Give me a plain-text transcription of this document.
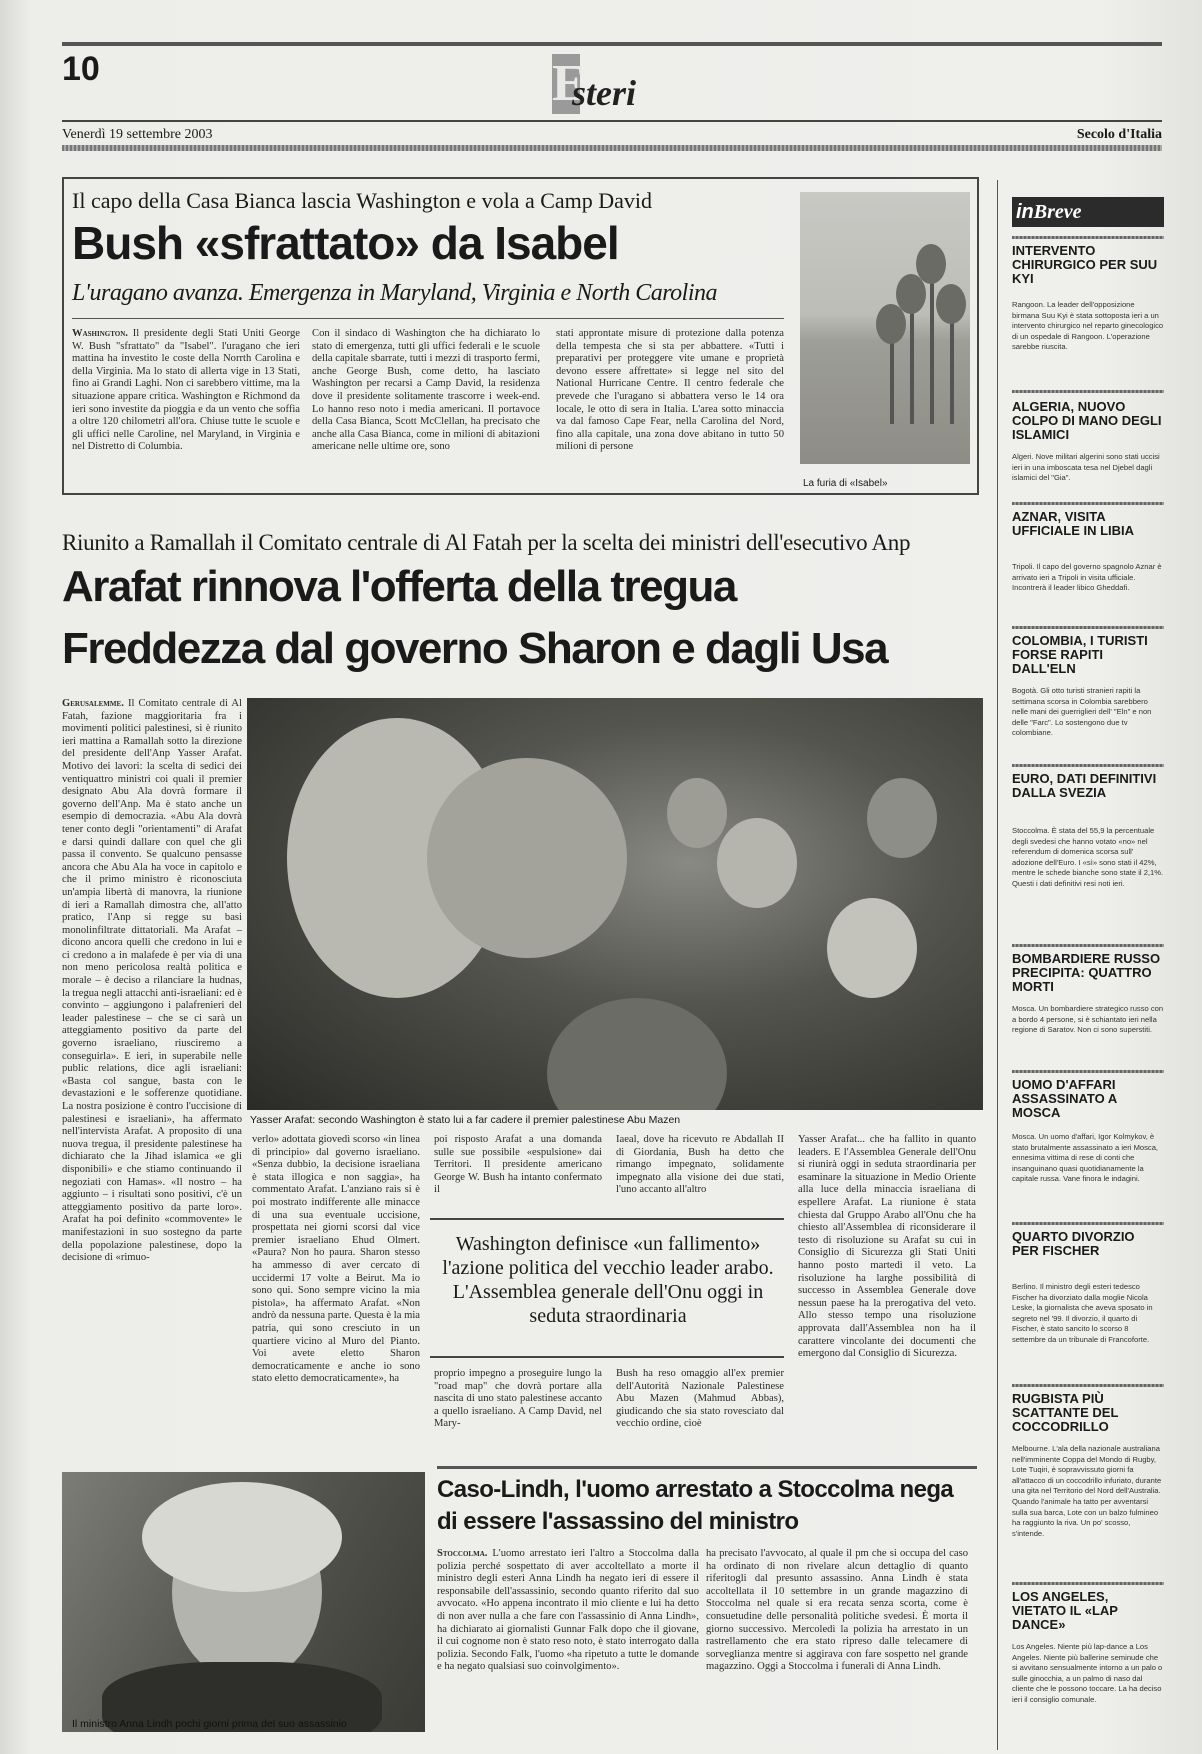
10	E
steri
Venerdì 19 settembre 2003	Secolo d'Italia
Il capo della Casa Bianca lascia Washington e vola a Camp David
Bush «sfrattato» da Isabel
L'uragano avanza. Emergenza in Maryland, Virginia e North Carolina
Washington. Il presidente degli Stati Uniti George W. Bush "sfrattato" da "Isabel". l'uragano che ieri mattina ha investito le coste della Norrth Carolina e della Virginia. Ma lo stato di allerta vige in 13 Stati, fino ai Grandi Laghi. Non ci sarebbero vittime, ma la situazione appare critica. Washington e Richmond da ieri sono investite da pioggia e da un vento che soffia a oltre 120 chilometri all'ora. Chiuse tutte le scuole e gli uffici nelle Caroline, nel Maryland, in Virginia e nel Distretto di Columbia.
Con il sindaco di Washington che ha dichiarato lo stato di emergenza, tutti gli uffici federali e le scuole della capitale sbarrate, tutti i mezzi di trasporto fermi, anche George Bush, come detto, ha lasciato Washington per recarsi a Camp David, la residenza dove il presidente solitamente trascorre i week-end. Lo hanno reso noto i media americani. Il portavoce della Casa Bianca, Scott McClellan, ha precisato che anche alla Casa Bianca, come in milioni di abitazioni americane nelle ultime ore, sono
stati approntate misure di protezione dalla potenza della tempesta che si sta per abbattere. «Tutti i preparativi per proteggere vite umane e proprietà devono essere affrettate» si legge nel sito del National Hurricane Centre. Il centro federale che prevede che l'uragano si abbattera verso le 14 ora locale, le otto di sera in Italia. L'area sotto minaccia va dal famoso Cape Fear, nella Carolina del Nord, fino alla capitale, una zona dove abitano in tutto 50 milioni di persone
La furia di «Isabel»
Riunito a Ramallah il Comitato centrale di Al Fatah per la scelta dei ministri dell'esecutivo Anp
Arafat rinnova l'offerta della tregua
Freddezza dal governo Sharon e dagli Usa
Gerusalemme. Il Comitato centrale di Al Fatah, fazione maggioritaria fra i movimenti politici palestinesi, si è riunito ieri mattina a Ramallah sotto la direzione del presidente dell'Anp Yasser Arafat. Motivo dei lavori: la scelta di sedici dei ventiquattro ministri coi quali il premier designato Abu Ala dovrà formare il governo dell'Anp. Ma è stato anche un esempio di democrazia. «Abu Ala dovrà tener conto degli "orientamenti" di Arafat e darsi quindi dallare con quel che gli passa il convento. Se qualcuno pensasse ancora che Abu Ala ha voce in capitolo e che il primo ministro è riconosciuta un'ampia libertà di manovra, la riunione di ieri a Ramallah dimostra che, all'atto pratico, l'Anp si regge su basi monolinfiltrate dittatoriali. Ma Arafat – dicono ancora quelli che credono in lui e ci credono a in malafede è per via di una non meno pericolosa realtà politica e morale – è deciso a rilanciare la hudnas, la tregua negli attacchi anti-israeliani: ed è convinto – aggiungono i palafrenieri del leader palestinese – che se ci sarà un atteggiamento positivo da parte del governo israeliano, riusciremo a conseguirla». E ieri, in superabile nelle public relations, dice agli israeliani: «Basta col sangue, basta con le devastazioni e le sofferenze quotidiane. La nostra posizione è contro l'uccisione di palestinesi e israeliani», ha affermato nell'intervista Arafat. A proposito di una nuova tregua, il presidente palestinese ha dichiarato che la Jihad islamica «e gli disponibili» e che stiamo continuando il negoziati con Hamas». «Il nostro – ha aggiunto – i risultati sono positivi, c'è un atteggiamento positivo da parte loro». Arafat ha poi definito «commovente» le manifestazioni in suo sostegno da parte della popolazione palestinese, dopo la decisione di «rimuo-
Yasser Arafat: secondo Washington è stato lui a far cadere il premier palestinese Abu Mazen
verlo» adottata giovedì scorso «in linea di principio» dal governo israeliano. «Senza dubbio, la decisione israeliana è stata illogica e non saggia», ha commentato Arafat. L'anziano raìs si è poi mostrato indifferente alle minacce di una sua eventuale uccisione, prospettata nei giorni scorsi dal vice premier israeliano Ehud Olmert. «Paura? Non ho paura. Sharon stesso ha ammesso di aver cercato di uccidermi 17 volte a Beirut. Ma io sono qui. Sono sempre vicino la mia pistola», ha affermato Arafat. «Non andrò da nessuna parte. Questa è la mia patria, qui sono cresciuto in un quartiere vicino al Muro del Pianto. Voi avete eletto Sharon democraticamente e anche io sono stato eletto democraticamente», ha
poi risposto Arafat a una domanda sulle sue possibile «espulsione» dai Territori. Il presidente americano George W. Bush ha intanto confermato il
Iaeal, dove ha ricevuto re Abdallah II di Giordania, Bush ha detto che rimango impegnato, solidamente impegnato alla visione dei due stati, l'uno accanto all'altro
Yasser Arafat... che ha fallito in quanto leaders. E l'Assemblea Generale dell'Onu si riunirà oggi in seduta straordinaria per esaminare la situazione in Medio Oriente alla luce della minaccia israeliana di espellere Arafat. La riunione è stata chiesta dal Gruppo Arabo all'Onu che ha chiesto all'Assemblea di riconsiderare il testo di risoluzione su Arafat su cui in Consiglio di Sicurezza gli Stati Uniti hanno posto martedì il veto. La risoluzione ha larghe possibilità di successo in Assemblea Generale dove nessun paese ha la prerogativa del veto. Allo stesso tempo una risoluzione approvata dall'Assemblea non ha il carattere vincolante dei documenti che emergono dal Consiglio di Sicurezza.
Washington definisce «un fallimento» l'azione politica del vecchio leader arabo. L'Assemblea generale dell'Onu oggi in seduta straordinaria
proprio impegno a proseguire lungo la "road map" che dovrà portare alla nascita di uno stato palestinese accanto a quello israeliano. A Camp David, nel Mary-
Bush ha reso omaggio all'ex premier dell'Autorità Nazionale Palestinese Abu Mazen (Mahmud Abbas), giudicando che sia stato rovesciato dal vecchio ordine, cioè
Il ministro Anna Lindh pochi giorni prima del suo assassinio
Caso-Lindh, l'uomo arrestato a Stoccolma nega di essere l'assassino del ministro
Stoccolma. L'uomo arrestato ieri l'altro a Stoccolma dalla polizia perché sospettato di aver accoltellato a morte il ministro degli esteri Anna Lindh ha negato ieri di essere il responsabile dell'assassinio, secondo quanto riferito dal suo avvocato. «Ho appena incontrato il mio cliente e lui ha detto di non aver nulla a che fare con l'assassinio di Anna Lindh», ha dichiarato ai giornalisti Gunnar Falk dopo che il giovane, il cui cognome non è stato reso noto, è stato interrogato dalla polizia. Secondo Falk, l'uomo «ha ripetuto a tutte le domande e ha negato qualsiasi suo coinvolgimento».
ha precisato l'avvocato, al quale il pm che si occupa del caso ha ordinato di non rivelare alcun dettaglio di quanto riferitogli dal presunto assassino. Anna Lindh è stata accoltellata il 10 settembre in un grande magazzino di Stoccolma nel quale si era recata senza scorta, come è consuetudine delle personalità politiche svedesi. È morta il giorno successivo. Mercoledì la polizia ha arrestato in un rastrellamento che era stato ripreso dalle telecamere di sorveglianza mentre si aggirava con fare sospetto nel grande magazzino. Oggi a Stoccolma i funerali di Anna Lindh.
inBreve
INTERVENTO CHIRURGICO PER SUU KYI
Rangoon. La leader dell'opposizione birmana Suu Kyi è stata sottoposta ieri a un intervento chirurgico nel reparto ginecologico di un ospedale di Rangoon. L'operazione sarebbe riuscita.
ALGERIA, NUOVO COLPO DI MANO DEGLI ISLAMICI
Algeri. Nove militari algerini sono stati uccisi ieri in una imboscata tesa nel Djebel dagli islamici del "Gia".
AZNAR, VISITA UFFICIALE IN LIBIA
Tripoli. Il capo del governo spagnolo Aznar è arrivato ieri a Tripoli in visita ufficiale. Incontrerà il leader libico Gheddafi.
COLOMBIA, I TURISTI FORSE RAPITI DALL'ELN
Bogotà. Gli otto turisti stranieri rapiti la settimana scorsa in Colombia sarebbero nelle mani dei guerriglieri dell' "Eln" e non delle "Farc". Lo sostengono due tv colombiane.
EURO, DATI DEFINITIVI DALLA SVEZIA
Stoccolma. È stata del 55,9 la percentuale degli svedesi che hanno votato «no» nel referendum di domenica scorsa sull' adozione dell'Euro. I «sì» sono stati il 42%, mentre le schede bianche sono state il 2,1%. Questi i dati definitivi resi noti ieri.
BOMBARDIERE RUSSO PRECIPITA: QUATTRO MORTI
Mosca. Un bombardiere strategico russo con a bordo 4 persone, si è schiantato ieri nella regione di Saratov. Non ci sono superstiti.
UOMO D'AFFARI ASSASSINATO A MOSCA
Mosca. Un uomo d'affari, Igor Kolmykov, è stato brutalmente assassinato a ieri Mosca, ennesima vittima di rese di conti che insanguinano quasi quotidianamente la capitale russa. Vane finora le indagini.
QUARTO DIVORZIO PER FISCHER
Berlino. Il ministro degli esteri tedesco Fischer ha divorziato dalla moglie Nicola Leske, la giornalista che aveva sposato in segreto nel '99. Il divorzio, il quarto di Fischer, è stato sancito lo scorso 8 settembre da un tribunale di Francoforte.
RUGBISTA PIÙ SCATTANTE DEL COCCODRILLO
Melbourne. L'ala della nazionale australiana nell'imminente Coppa del Mondo di Rugby, Lote Tuqiri, è sopravvissuto giorni fa all'attacco di un coccodrillo infuriato, durante una gita nel Territorio del Nord dell'Australia. Quando l'animale ha tatto per avventarsi sulla sua barca, Lote con un balzo fulmineo ha raggiunto la riva. Un po' scosso, s'intende.
LOS ANGELES, VIETATO IL «LAP DANCE»
Los Angeles. Niente più lap-dance a Los Angeles. Niente più ballerine seminude che si avvitano sensualmente intorno a un palo o sulle ginocchia, a un palmo di naso dal cliente che le possono toccare. La ha deciso ieri il consiglio comunale.
